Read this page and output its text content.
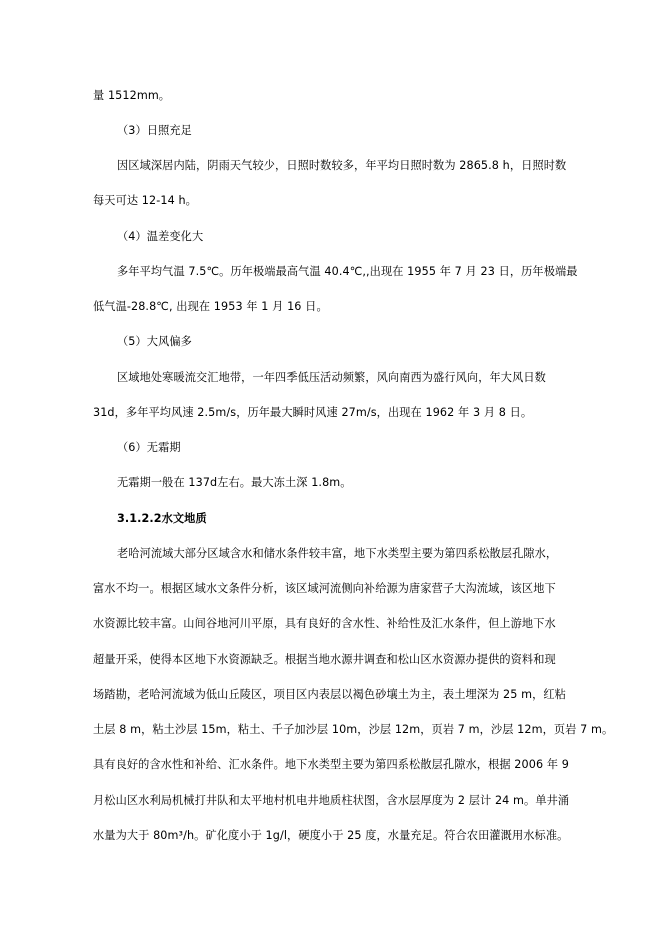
量 1512mm。
（3）日照充足
因区域深居内陆，阴雨天气较少，日照时数较多，年平均日照时数为 2865.8 h，日照时数
每天可达 12-14 h。
（4）温差变化大
多年平均气温 7.5℃。历年极端最高气温 40.4℃,,出现在 1955 年 7 月 23 日，历年极端最
低气温-28.8℃, 出现在 1953 年 1 月 16 日。
（5）大风偏多
区域地处寒暖流交汇地带，一年四季低压活动频繁，风向南西为盛行风向，年大风日数
31d，多年平均风速 2.5m/s，历年最大瞬时风速 27m/s，出现在 1962 年 3 月 8 日。
（6）无霜期
无霜期一般在 137d左右。最大冻土深 1.8m。
3.1.2.2水文地质
老哈河流域大部分区域含水和储水条件较丰富，地下水类型主要为第四系松散层孔隙水，
富水不均一。根据区域水文条件分析，该区域河流侧向补给源为唐家营子大沟流域，该区地下
水资源比较丰富。山间谷地河川平原，具有良好的含水性、补给性及汇水条件，但上游地下水
超量开采，使得本区地下水资源缺乏。根据当地水源井调查和松山区水资源办提供的资料和现
场踏勘，老哈河流域为低山丘陵区，项目区内表层以褐色砂壤土为主，表土埋深为 25 m，红粘
土层 8 m，粘土沙层 15m，粘土、千子加沙层 10m，沙层 12m，页岩 7 m，沙层 12m，页岩 7 m。
具有良好的含水性和补给、汇水条件。地下水类型主要为第四系松散层孔隙水，根据 2006 年 9
月松山区水利局机械打井队和太平地村机电井地质柱状图，含水层厚度为 2 层计 24 m。单井涌
水量为大于 80m³/h。矿化度小于 1g/l，硬度小于 25 度，水量充足。符合农田灌溉用水标准。
